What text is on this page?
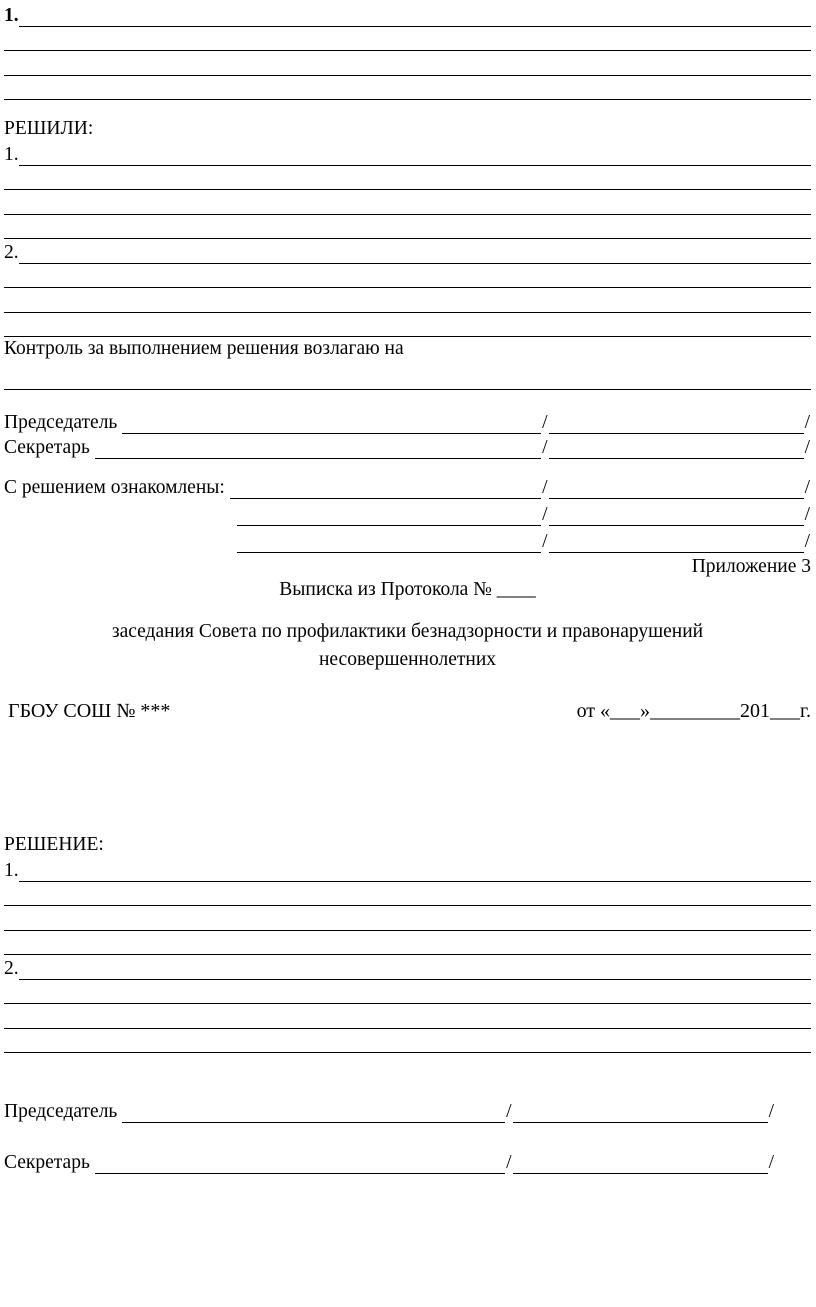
1.
РЕШИЛИ:
1.
2.
Контроль за выполнением решения возлагаю на
Председатель	/	/
Секретарь	/	/
С решением ознакомлены:	/	/
/	/
/	/
Приложение 3
Выписка из Протокола № ____
заседания Совета по профилактики безнадзорности и правонарушений
несовершеннолетних
ГБОУ СОШ № ***	от «___»_________201___г.
РЕШЕНИЕ:
1.
2.
Председатель	/	/
Секретарь	/	/
